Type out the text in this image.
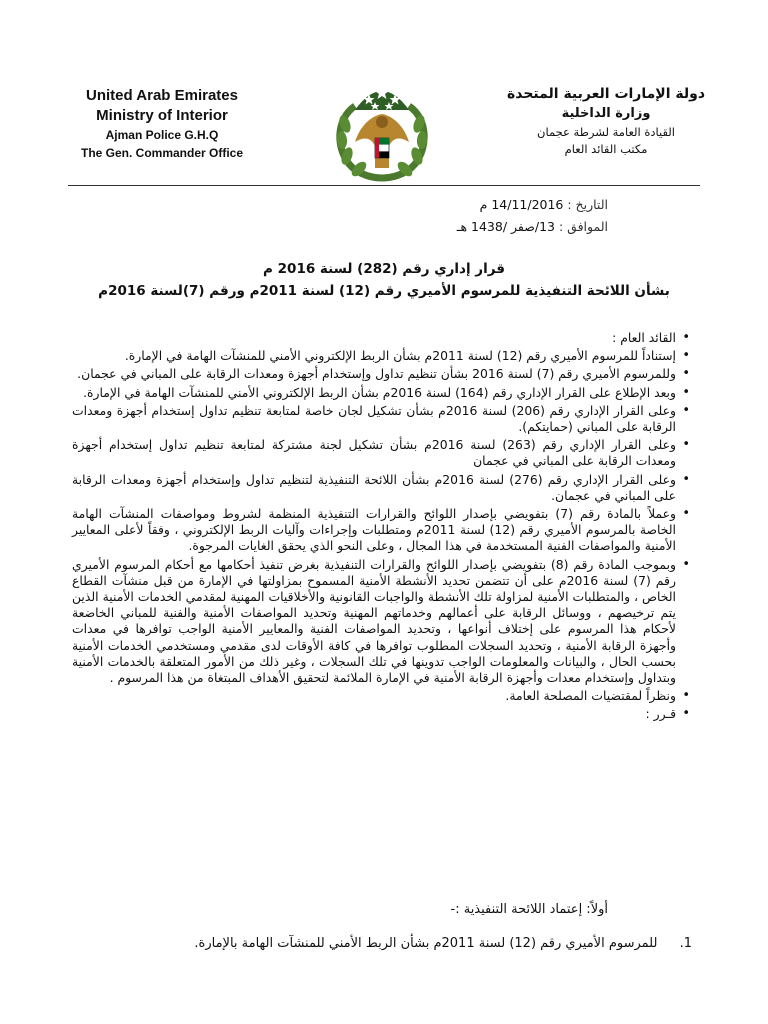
United Arab Emirates
Ministry of Interior
Ajman Police G.H.Q
The Gen. Commander Office
دولة الإمارات العربية المتحدة
وزارة الداخلية
القيادة العامة لشرطة عجمان
مكتب القائد العام
التاريخ : 14/11/2016 م
الموافق : 13/صفر /1438 هـ
قرار إداري رقم (282) لسنة 2016 م
بشأن اللائحة التنفيذية للمرسوم الأميري رقم (12) لسنة 2011م ورقم (7)لسنة 2016م
• القائد العام :
• إستناداً للمرسوم الأميري رقم (12) لسنة 2011م بشأن الربط الإلكتروني الأمني للمنشآت الهامة في الإمارة.
• وللمرسوم الأميري رقم (7) لسنة 2016 بشأن تنظيم تداول وإستخدام أجهزة ومعدات الرقابة على المباني في عجمان.
• وبعد الإطلاع على القرار الإداري رقم (164) لسنة 2016م بشأن الربط الإلكتروني الأمني للمنشآت الهامة في الإمارة.
• وعلى القرار الإداري رقم (206) لسنة 2016م بشأن تشكيل لجان خاصة لمتابعة تنظيم تداول إستخدام أجهزة ومعدات الرقابة على المباني (حمايتكم).
• وعلى القرار الإداري رقم (263) لسنة 2016م بشأن تشكيل لجنة مشتركة لمتابعة تنظيم تداول إستخدام أجهزة ومعدات الرقابة على المباني في عجمان
• وعلى القرار الإداري رقم (276) لسنة 2016م بشأن اللائحة التنفيذية لتنظيم تداول وإستخدام أجهزة ومعدات الرقابة على المباني في عجمان.
• وعملاً بالمادة رقم (7) بتفويضي بإصدار اللوائح والقرارات التنفيذية المنظمة لشروط ومواصفات المنشآت الهامة الخاصة بالمرسوم الأميري رقم (12) لسنة 2011م ومتطلبات وإجراءات وآليات الربط الإلكتروني ، وفقاً لأعلى المعايير الأمنية والمواصفات الفنية المستخدمة في هذا المجال ، وعلى النحو الذي يحقق الغايات المرجوة.
• وبموجب المادة رقم (8) بتفويضي بإصدار اللوائح والقرارات التنفيذية بغرض تنفيذ أحكامها مع أحكام المرسوم الأميري رقم (7) لسنة 2016م على أن تتضمن تحديد الأنشطة الأمنية المسموح بمزاولتها في الإمارة من قبل منشآت القطاع الخاص ، والمتطلبات الأمنية لمزاولة تلك الأنشطة والواجبات القانونية والأخلاقيات المهنية لمقدمي الخدمات الأمنية الذين يتم ترخيصهم ، ووسائل الرقابة على أعمالهم وخدماتهم المهنية وتحديد المواصفات الأمنية والفنية للمباني الخاضعة لأحكام هذا المرسوم على إختلاف أنواعها ، وتحديد المواصفات الفنية والمعايير الأمنية الواجب توافرها في معدات وأجهزة الرقابة الأمنية ، وتحديد السجلات المطلوب توافرها في كافة الأوقات لدى مقدمي ومستخدمي الخدمات الأمنية بحسب الحال ، والبيانات والمعلومات الواجب تدوينها في تلك السجلات ، وغير ذلك من الأمور المتعلقة بالخدمات الأمنية وبتداول وإستخدام معدات وأجهزة الرقابة الأمنية في الإمارة الملائمة لتحقيق الأهداف المبتغاة من هذا المرسوم .
• ونظراً لمقتضيات المصلحة العامة.
• قـرر :
أولاً: إعتماد اللائحة التنفيذية :-
1. للمرسوم الأميري رقم (12) لسنة 2011م بشأن الربط الأمني للمنشآت الهامة بالإمارة.
